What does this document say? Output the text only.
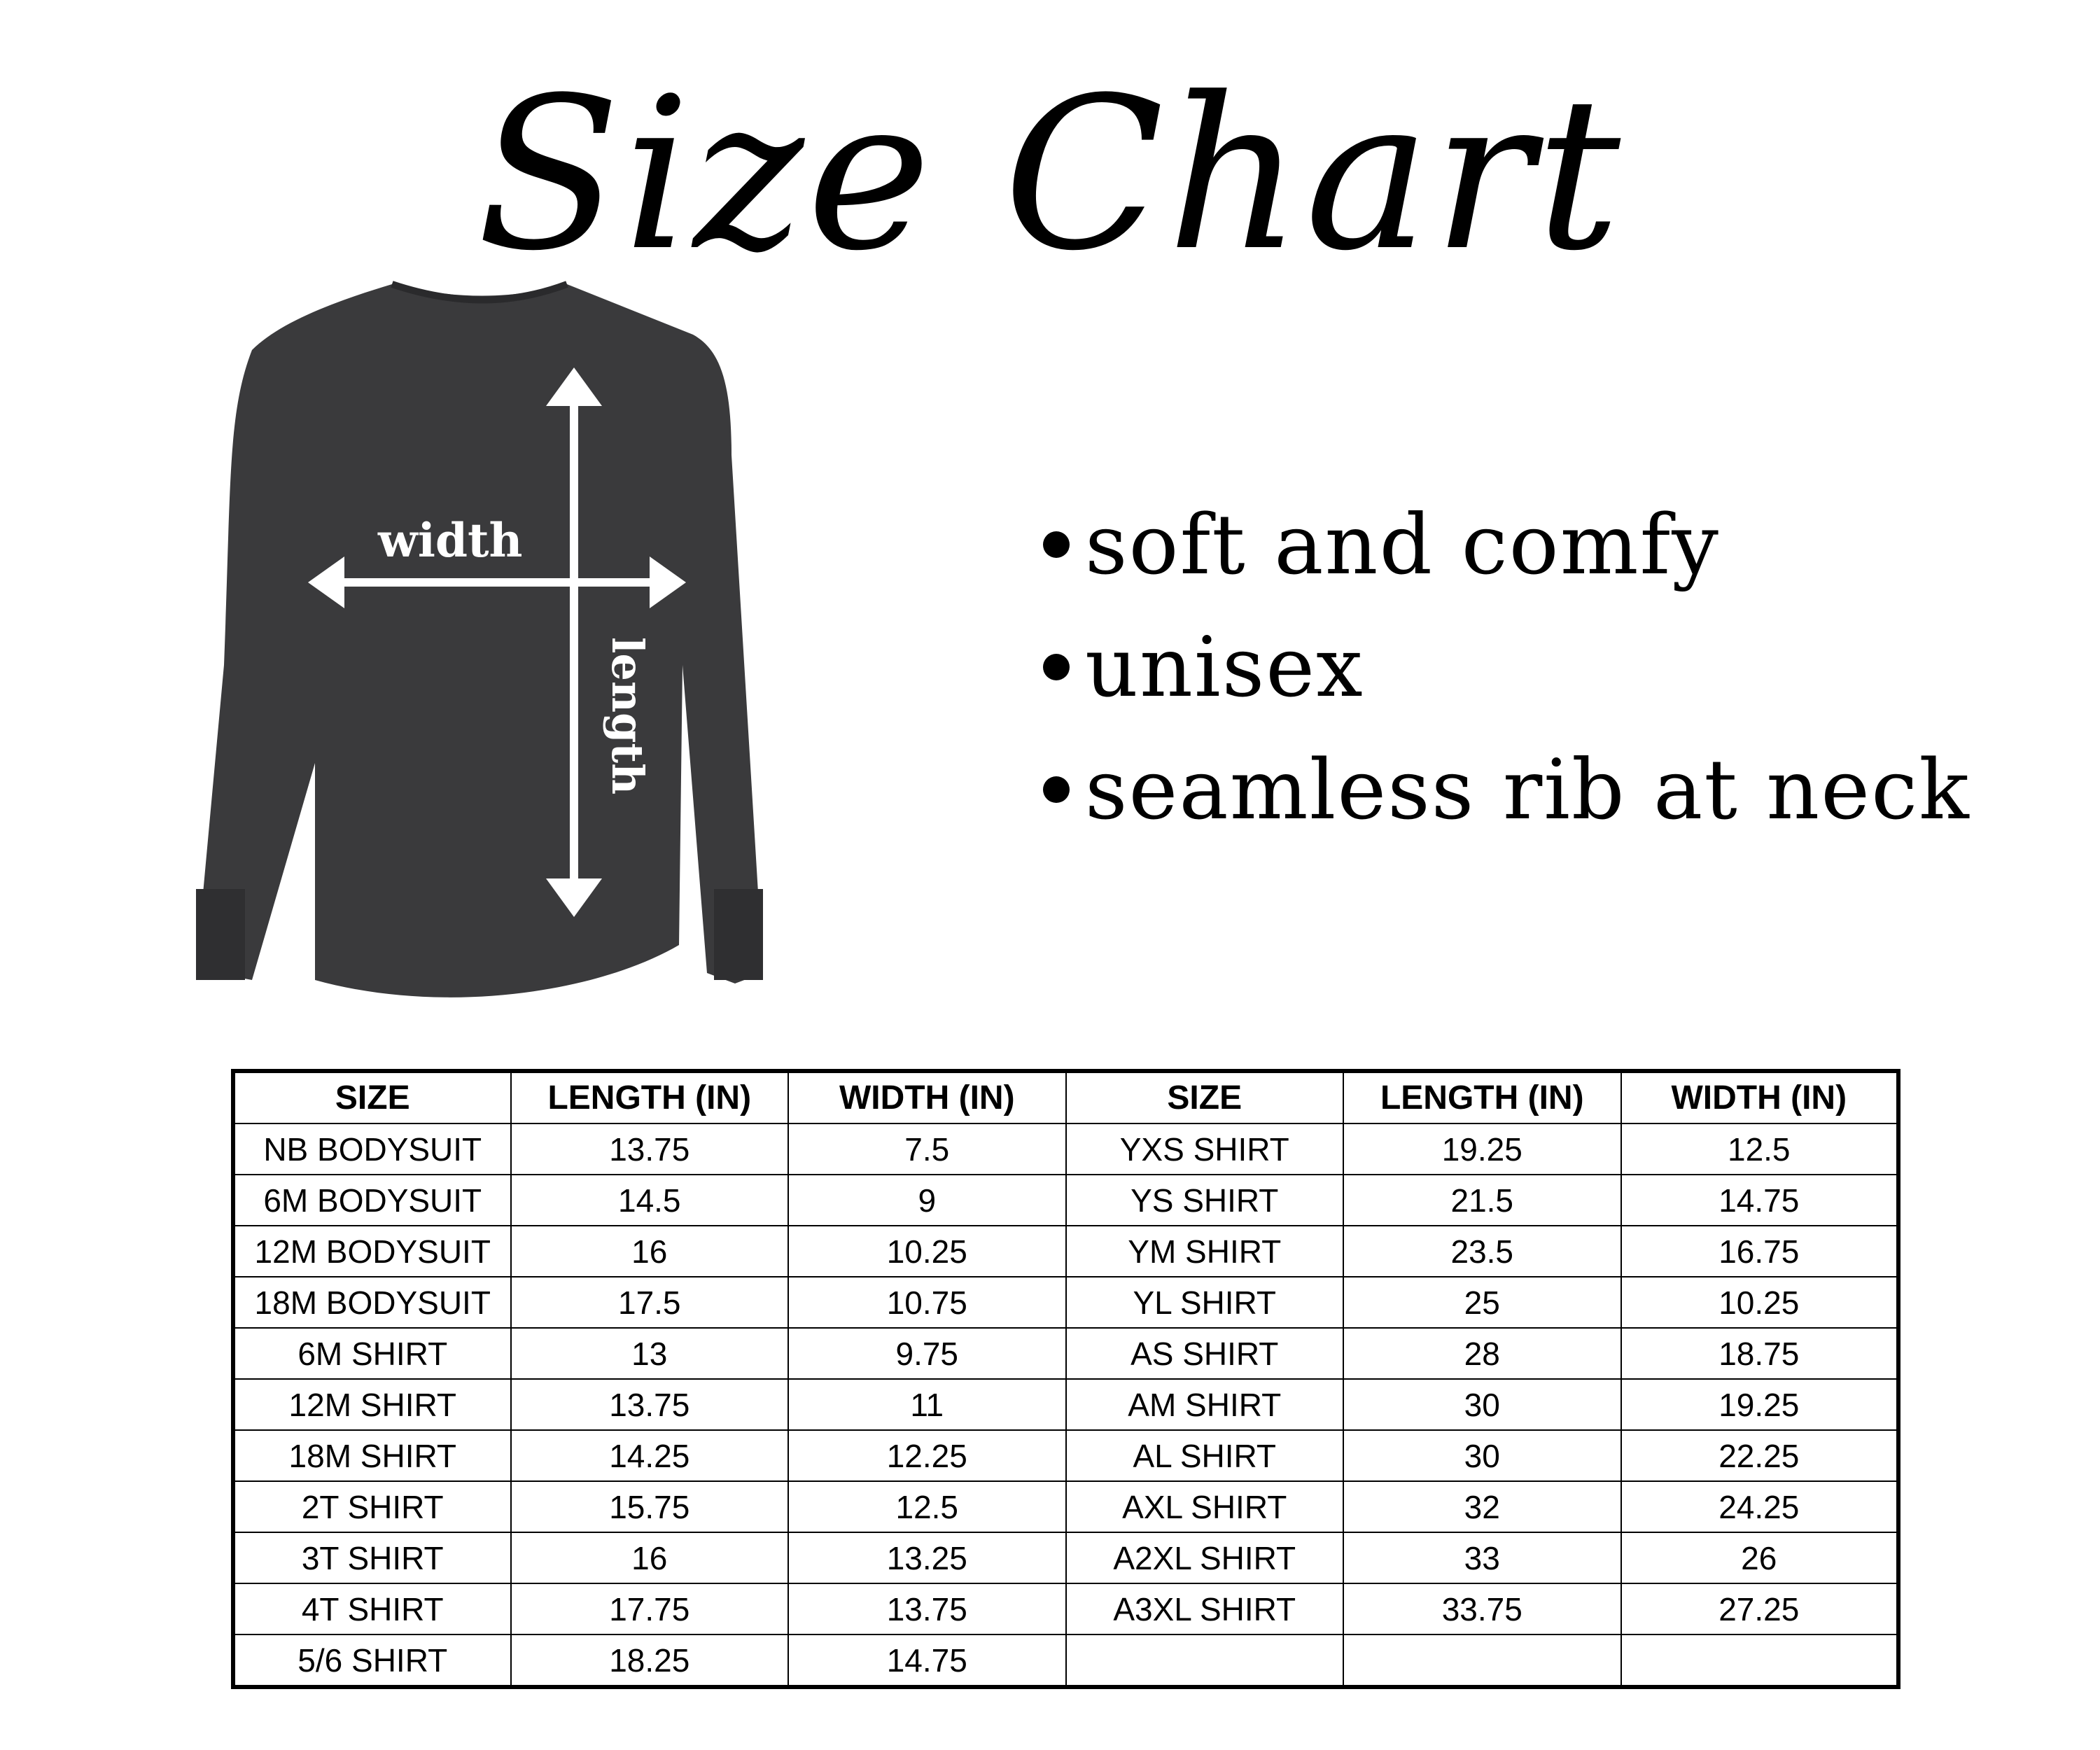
Size Chart
width
length
soft and comfy
unisex
seamless rib at neck
SIZE	LENGTH (IN)	WIDTH (IN)	SIZE	LENGTH (IN)	WIDTH (IN)
NB BODYSUIT	13.75	7.5	YXS SHIRT	19.25	12.5
6M BODYSUIT	14.5	9	YS SHIRT	21.5	14.75
12M BODYSUIT	16	10.25	YM SHIRT	23.5	16.75
18M BODYSUIT	17.5	10.75	YL SHIRT	25	10.25
6M SHIRT	13	9.75	AS SHIRT	28	18.75
12M SHIRT	13.75	11	AM SHIRT	30	19.25
18M SHIRT	14.25	12.25	AL SHIRT	30	22.25
2T SHIRT	15.75	12.5	AXL SHIRT	32	24.25
3T SHIRT	16	13.25	A2XL SHIRT	33	26
4T SHIRT	17.75	13.75	A3XL SHIRT	33.75	27.25
5/6 SHIRT	18.25	14.75			
